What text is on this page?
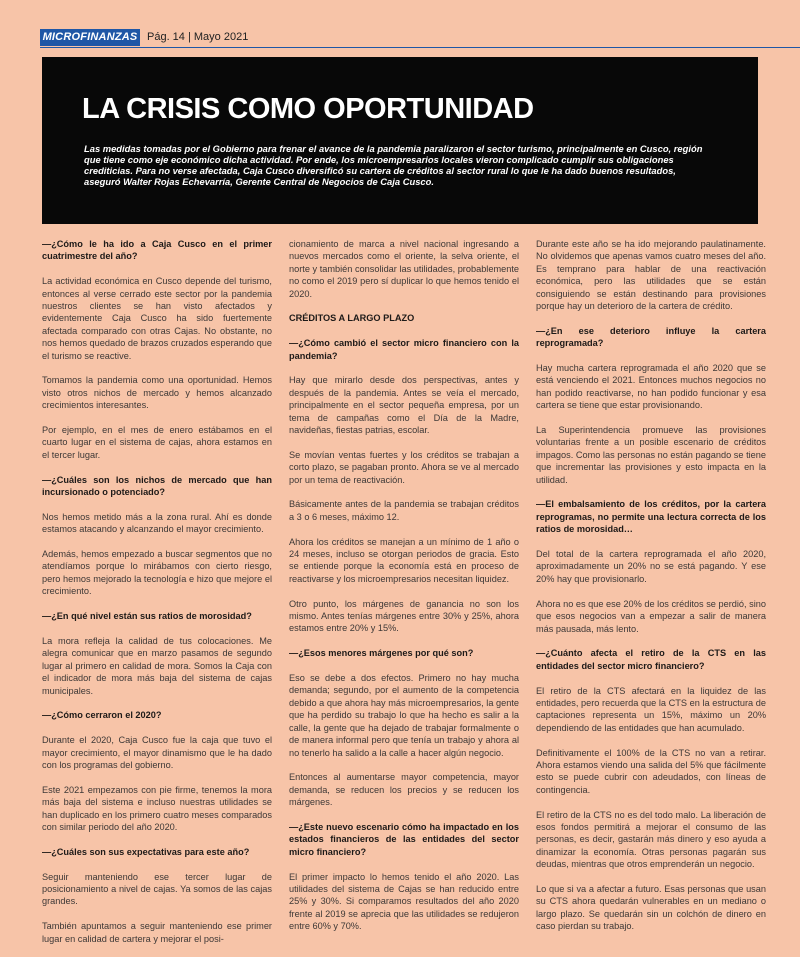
MICROFINANZAS Pág. 14 | Mayo 2021
LA CRISIS COMO OPORTUNIDAD

Las medidas tomadas por el Gobierno para frenar el avance de la pandemia paralizaron el sector turismo, principalmente en Cusco, región que tiene como eje económico dicha actividad. Por ende, los microempresarios locales vieron complicado cumplir sus obligaciones crediticias. Para no verse afectada, Caja Cusco diversificó su cartera de créditos al sector rural lo que le ha dado buenos resultados, aseguró Walter Rojas Echevarría, Gerente Central de Negocios de Caja Cusco.

—¿Cómo le ha ido a Caja Cusco en el primer cuatrimestre del año?

La actividad económica en Cusco depende del turismo, entonces al verse cerrado este sector por la pandemia nuestros clientes se han visto afectados y evidentemente Caja Cusco ha sido fuertemente afectada comparado con otras Cajas. No obstante, no nos hemos quedado de brazos cruzados esperando que el turismo se reactive.

Tomamos la pandemia como una oportunidad. Hemos visto otros nichos de mercado y hemos alcanzado crecimientos interesantes.

Por ejemplo, en el mes de enero estábamos en el cuarto lugar en el sistema de cajas, ahora estamos en el tercer lugar.

—¿Cuáles son los nichos de mercado que han incursionado o potenciado?

Nos hemos metido más a la zona rural. Ahí es donde estamos atacando y alcanzando el mayor crecimiento.

Además, hemos empezado a buscar segmentos que no atendíamos porque lo mirábamos con cierto riesgo, pero hemos mejorado la tecnología e hizo que mejore el crecimiento.

—¿En qué nivel están sus ratios de morosidad?

La mora refleja la calidad de tus colocaciones. Me alegra comunicar que en marzo pasamos de segundo lugar al primero en calidad de mora. Somos la Caja con el indicador de mora más baja del sistema de cajas municipales.

—¿Cómo cerraron el 2020?

Durante el 2020, Caja Cusco fue la caja que tuvo el mayor crecimiento, el mayor dinamismo que le ha dado con los programas del gobierno.

Este 2021 empezamos con pie firme, tenemos la mora más baja del sistema e incluso nuestras utilidades se han duplicado en los primero cuatro meses comparados con similar periodo del año 2020.

—¿Cuáles son sus expectativas para este año?

Seguir manteniendo ese tercer lugar de posicionamiento a nivel de cajas. Ya somos de las cajas grandes.

También apuntamos a seguir manteniendo ese primer lugar en calidad de cartera y mejorar el posi-

cionamiento de marca a nivel nacional ingresando a nuevos mercados como el oriente, la selva oriente, el norte y también consolidar las utilidades, probablemente no como el 2019 pero sí duplicar lo que hemos tenido el 2020.

CRÉDITOS A LARGO PLAZO

—¿Cómo cambió el sector micro financiero con la pandemia?

Hay que mirarlo desde dos perspectivas, antes y después de la pandemia. Antes se veía el mercado, principalmente en el sector pequeña empresa, por un tema de campañas como el Día de la Madre, navideñas, fiestas patrias, escolar.

Se movían ventas fuertes y los créditos se trabajan a corto plazo, se pagaban pronto. Ahora se ve al mercado por un tema de reactivación.

Básicamente antes de la pandemia se trabajan créditos a 3 o 6 meses, máximo 12.

Ahora los créditos se manejan a un mínimo de 1 año o 24 meses, incluso se otorgan periodos de gracia. Esto se entiende porque la economía está en proceso de reactivarse y los microempresarios necesitan liquidez.

Otro punto, los márgenes de ganancia no son los mismo. Antes tenías márgenes entre 30% y 25%, ahora estamos entre 20% y 15%.

—¿Esos menores márgenes por qué son?

Eso se debe a dos efectos. Primero no hay mucha demanda; segundo, por el aumento de la competencia debido a que ahora hay más microempresarios, la gente que ha perdido su trabajo lo que ha hecho es salir a la calle, la gente que ha dejado de trabajar formalmente o de manera informal pero que tenía un trabajo y ahora al no tenerlo ha salido a la calle a hacer algún negocio.

Entonces al aumentarse mayor competencia, mayor demanda, se reducen los precios y se reducen los márgenes.

—¿Este nuevo escenario cómo ha impactado en los estados financieros de las entidades del sector micro financiero?

El primer impacto lo hemos tenido el año 2020. Las utilidades del sistema de Cajas se han reducido entre 25% y 30%. Si comparamos resultados del año 2020 frente al 2019 se aprecia que las utilidades se redujeron entre 60% y 70%.

Durante este año se ha ido mejorando paulatinamente. No olvidemos que apenas vamos cuatro meses del año. Es temprano para hablar de una reactivación económica, pero las utilidades que se están consiguiendo se están destinando para provisiones porque hay un deterioro de la cartera de crédito.

—¿En ese deterioro influye la cartera reprogramada?

Hay mucha cartera reprogramada el año 2020 que se está venciendo el 2021. Entonces muchos negocios no han podido reactivarse, no han podido funcionar y esa cartera se tiene que estar provisionando.

La Superintendencia promueve las provisiones voluntarias frente a un posible escenario de créditos impagos. Como las personas no están pagando se tiene que incrementar las provisiones y esto impacta en la utilidad.

—El embalsamiento de los créditos, por la cartera reprogramas, no permite una lectura correcta de los ratios de morosidad…

Del total de la cartera reprogramada el año 2020, aproximadamente un 20% no se está pagando. Y ese 20% hay que provisionarlo.

Ahora no es que ese 20% de los créditos se perdió, sino que esos negocios van a empezar a salir de manera más pausada, más lento.

—¿Cuánto afecta el retiro de la CTS en las entidades del sector micro financiero?

El retiro de la CTS afectará en la liquidez de las entidades, pero recuerda que la CTS en la estructura de captaciones representa un 15%, máximo un 20% dependiendo de las entidades que han acumulado.

Definitivamente el 100% de la CTS no van a retirar. Ahora estamos viendo una salida del 5% que fácilmente esto se puede cubrir con adeudados, con líneas de contingencia.

El retiro de la CTS no es del todo malo. La liberación de esos fondos permitirá a mejorar el consumo de las personas, es decir, gastarán más dinero y eso ayuda a dinamizar la economía. Otras personas pagarán sus deudas, mientras que otros emprenderán un negocio.

Lo que si va a afectar a futuro. Esas personas que usan su CTS ahora quedarán vulnerables en un mediano o largo plazo. Se quedarán sin un colchón de dinero en caso pierdan su trabajo.
